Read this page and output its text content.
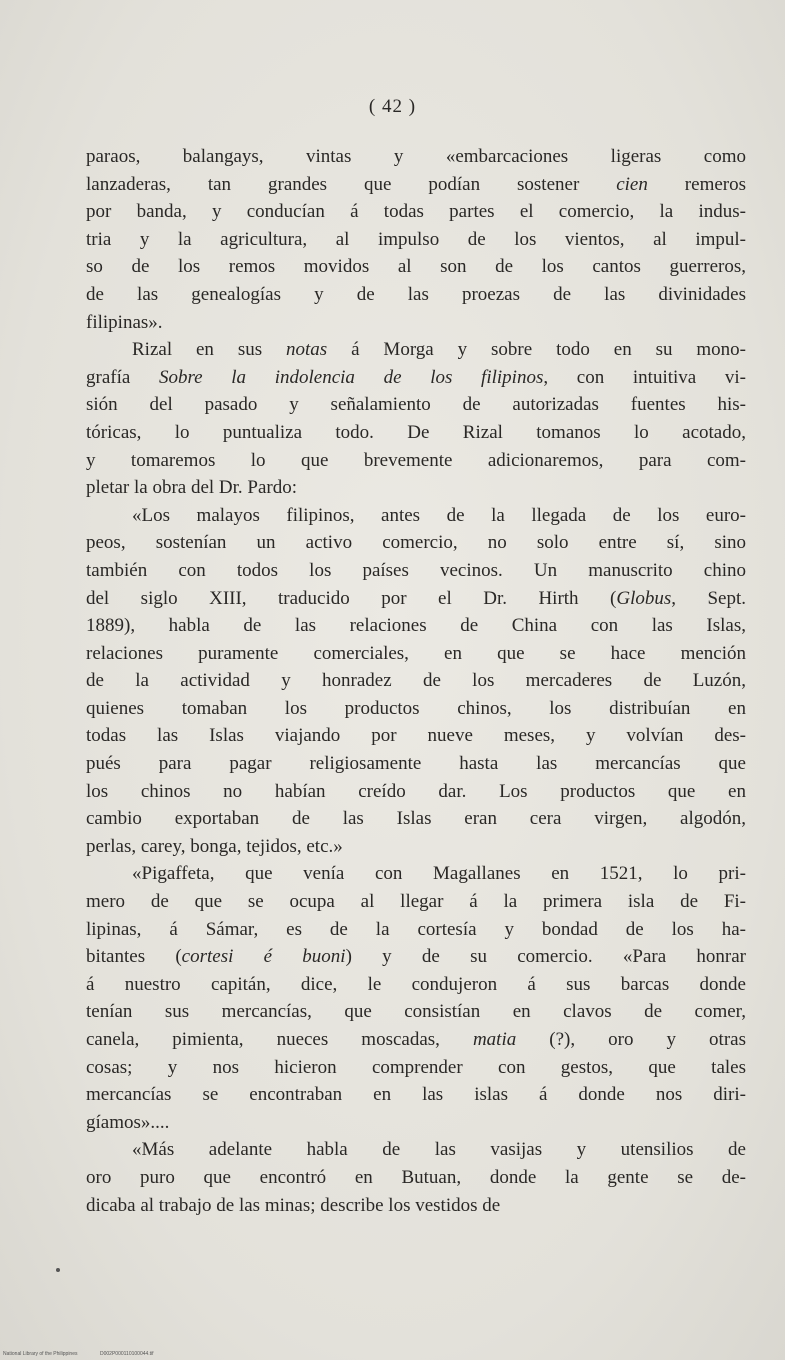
( 42 )
paraos, balangays, vintas y «embarcaciones ligeras como
lanzaderas, tan grandes que podían sostener cien remeros
por banda, y conducían á todas partes el comercio, la indus-
tria y la agricultura, al impulso de los vientos, al impul-
so de los remos movidos al son de los cantos guerreros,
de las genealogías y de las proezas de las divinidades
filipinas».
Rizal en sus notas á Morga y sobre todo en su mono-
grafía Sobre la indolencia de los filipinos, con intuitiva vi-
sión del pasado y señalamiento de autorizadas fuentes his-
tóricas, lo puntualiza todo. De Rizal tomanos lo acotado,
y tomaremos lo que brevemente adicionaremos, para com-
pletar la obra del Dr. Pardo:
«Los malayos filipinos, antes de la llegada de los euro-
peos, sostenían un activo comercio, no solo entre sí, sino
también con todos los países vecinos. Un manuscrito chino
del siglo XIII, traducido por el Dr. Hirth (Globus, Sept.
1889), habla de las relaciones de China con las Islas,
relaciones puramente comerciales, en que se hace mención
de la actividad y honradez de los mercaderes de Luzón,
quienes tomaban los productos chinos, los distribuían en
todas las Islas viajando por nueve meses, y volvían des-
pués para pagar religiosamente hasta las mercancías que
los chinos no habían creído dar. Los productos que en
cambio exportaban de las Islas eran cera virgen, algodón,
perlas, carey, bonga, tejidos, etc.»
«Pigaffeta, que venía con Magallanes en 1521, lo pri-
mero de que se ocupa al llegar á la primera isla de Fi-
lipinas, á Sámar, es de la cortesía y bondad de los ha-
bitantes (cortesi é buoni) y de su comercio. «Para honrar
á nuestro capitán, dice, le condujeron á sus barcas donde
tenían sus mercancías, que consistían en clavos de comer,
canela, pimienta, nueces moscadas, matia (?), oro y otras
cosas; y nos hicieron comprender con gestos, que tales
mercancías se encontraban en las islas á donde nos diri-
gíamos»....
«Más adelante habla de las vasijas y utensilios de
oro puro que encontró en Butuan, donde la gente se de-
dicaba al trabajo de las minas; describe los vestidos de
National Library of the Philippines	D002P000110100044.tif
